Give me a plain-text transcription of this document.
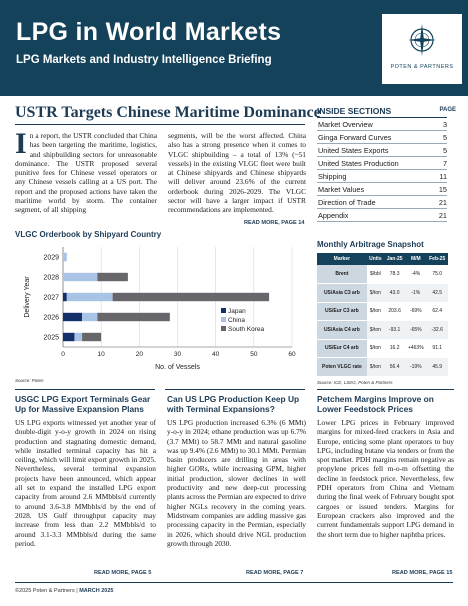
LPG in World Markets
LPG Markets and Industry Intelligence Briefing
POTEN & PARTNERS
USTR Targets Chinese Maritime Dominance
In a report, the USTR concluded that China has been targeting the maritime, logistics, and shipbuilding sectors for unreasonable dominance. The USTR proposed several punitive fees for Chinese vessel operators or any Chinese vessels calling at a US port. The report and the proposed actions have taken the maritime world by storm. The container segment, of all shipping
segments, will be the worst affected. China also has a strong presence when it comes to VLGC shipbuilding – a total of 13% (~51 vessels) in the existing VLGC fleet were built at Chinese shipyards and Chinese shipyards will deliver around 23.6% of the current orderbook during 2026-2029. The VLGC sector will have a larger impact if USTR recommendations are implemented.
READ MORE, PAGE 14
INSIDE SECTIONS	PAGE
Market Overview	3
Ginga Forward Curves	5
United States Exports	5
United States Production	7
Shipping	11
Market Values	15
Direction of Trade	21
Appendix	21
Monthly Arbitrage Snapshot
Marker	Units	Jan-25	M/M	Feb-25
Brent	$/bbl	78.3	-4%	75.0
US/Asia C3 arb	$/ton	43.0	-1%	42.5
US/Eur C3 arb	$/ton	203.6	-69%	62.4
US/Asia C4 arb	$/ton	-93.1	-65%	-32.6
US/Eur C4 arb	$/ton	16.2	+463%	91.1
Poten VLGC rate	$/ton	56.4	-19%	45.9
Source: ICE, LSEG, Poten & Partners
VLGC Orderbook by Shipyard Country
0	10	20	30	40	50	60
2029
2028
2027
2026
2025
No. of Vessels
Delivery Year	Japan
China
South Korea
Source: Poten
USGC LPG Export Terminals Gear Up for Massive Expansion Plans
US LPG exports witnessed yet another year of double-digit y-o-y growth in 2024 on rising production and stagnating domestic demand, while installed terminal capacity has hit a ceiling, which will limit export growth in 2025. Nevertheless, several terminal expansion projects have been announced, which appear all set to expand the installed LPG export capacity from around 2.6 MMbbls/d currently to around 3.6-3.8 MMbbls/d by the end of 2028. US Gulf throughput capacity may increase from less than 2.2 MMbbls/d to around 3.1-3.3 MMbbls/d during the same period.
READ MORE, PAGE 5
Can US LPG Production Keep Up with Terminal Expansions?
US LPG production increased 6.3% (6 MMt) y-o-y in 2024; ethane production was up 6.7% (3.7 MMt) to 58.7 MMt and natural gasoline was up 9.4% (2.6 MMt) to 30.1 MMt. Permian basin producers are drilling in areas with higher GORs, while increasing GPM, higher initial production, slower declines in well productivity and new deep-cut processing plants across the Permian are expected to drive higher NGLs recovery in the coming years. Midstream companies are adding massive gas processing capacity in the Permian, especially in 2026, which should drive NGL production growth through 2030.
READ MORE, PAGE 7
Petchem Margins Improve on Lower Feedstock Prices
Lower LPG prices in February improved margins for mixed-feed crackers in Asia and Europe, enticing some plant operators to buy LPG, including butane via tenders or from the spot market. PDH margins remain negative as propylene prices fell m-o-m offsetting the decline in feedstock price. Nevertheless, few PDH operators from China and Vietnam during the final week of February bought spot cargoes or issued tenders. Margins for European crackers also improved and the current fundamentals support LPG demand in the short term due to higher naphtha prices.
READ MORE, PAGE 15
©2025 Poten & Partners | MARCH 2025
